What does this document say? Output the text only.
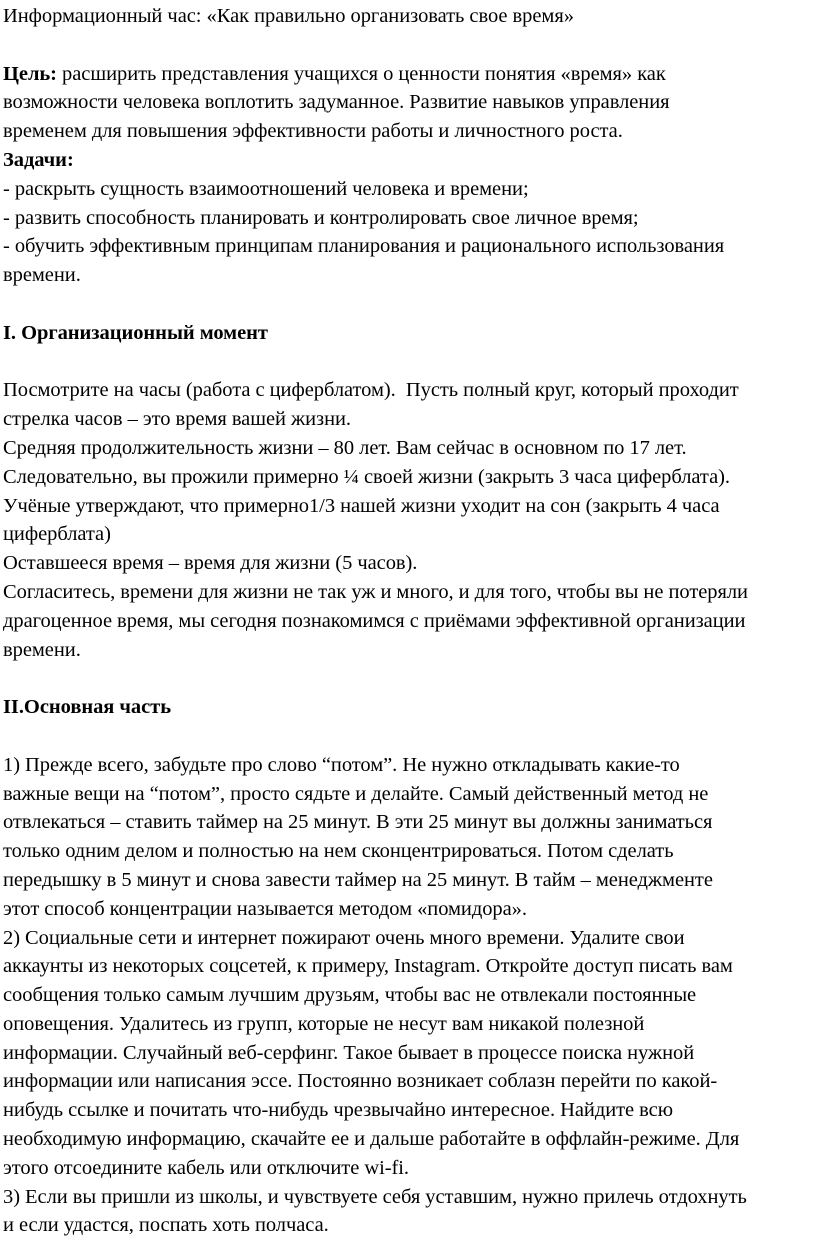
Информационный час: «Как правильно организовать свое время»
Цель: расширить представления учащихся о ценности понятия «время» как
возможности человека воплотить задуманное. Развитие навыков управления
временем для повышения эффективности работы и личностного роста.
Задачи:
- раскрыть сущность взаимоотношений человека и времени;
- развить способность планировать и контролировать свое личное время;
- обучить эффективным принципам планирования и рационального использования
времени.
I. Организационный момент
Посмотрите на часы (работа с циферблатом).  Пусть полный круг, который проходит
стрелка часов – это время вашей жизни.
Средняя продолжительность жизни – 80 лет. Вам сейчас в основном по 17 лет.
Следовательно, вы прожили примерно ¼ своей жизни (закрыть 3 часа циферблата).
Учёные утверждают, что примерно1/3 нашей жизни уходит на сон (закрыть 4 часа
циферблата)
Оставшееся время – время для жизни (5 часов).
Согласитесь, времени для жизни не так уж и много, и для того, чтобы вы не потеряли
драгоценное время, мы сегодня познакомимся с приёмами эффективной организации
времени.
II.Основная часть
1) Прежде всего, забудьте про слово “потом”. Не нужно откладывать какие-то
важные вещи на “потом”, просто сядьте и делайте. Самый действенный метод не
отвлекаться – ставить таймер на 25 минут. В эти 25 минут вы должны заниматься
только одним делом и полностью на нем сконцентрироваться. Потом сделать
передышку в 5 минут и снова завести таймер на 25 минут. В тайм – менеджменте
этот способ концентрации называется методом «помидора».
2) Социальные сети и интернет пожирают очень много времени. Удалите свои
аккаунты из некоторых соцсетей, к примеру, Instagram. Откройте доступ писать вам
сообщения только самым лучшим друзьям, чтобы вас не отвлекали постоянные
оповещения. Удалитесь из групп, которые не несут вам никакой полезной
информации. Случайный веб-серфинг. Такое бывает в процессе поиска нужной
информации или написания эссе. Постоянно возникает соблазн перейти по какой-
нибудь ссылке и почитать что-нибудь чрезвычайно интересное. Найдите всю
необходимую информацию, скачайте ее и дальше работайте в оффлайн-режиме. Для
этого отсоедините кабель или отключите wi-fi.
3) Если вы пришли из школы, и чувствуете себя уставшим, нужно прилечь отдохнуть
и если удастся, поспать хоть полчаса.
